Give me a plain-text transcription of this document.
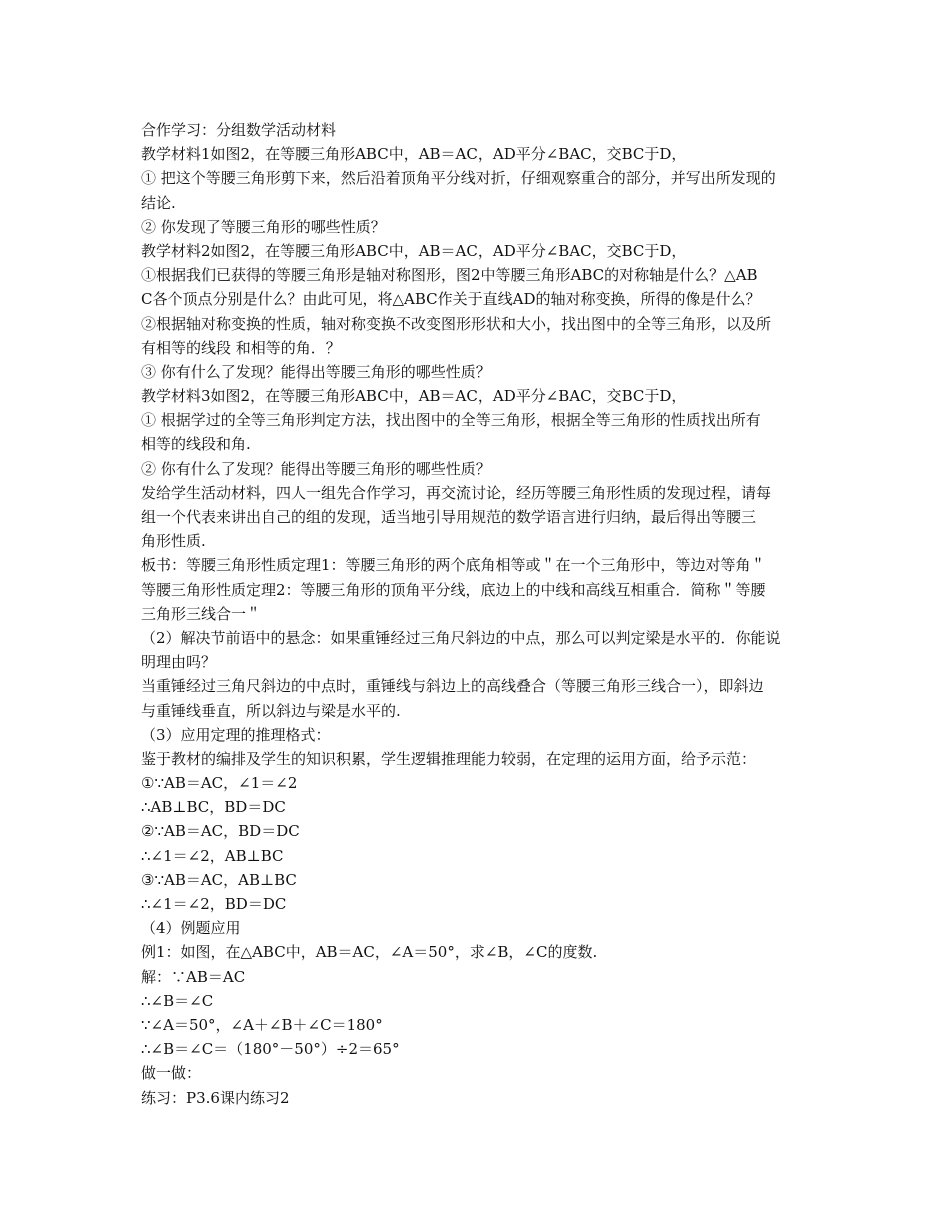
合作学习：分组数学活动材料
教学材料1如图2，在等腰三角形ABC中，AB＝AC，AD平分∠BAC，交BC于D，
① 把这个等腰三角形剪下来，然后沿着顶角平分线对折，仔细观察重合的部分，并写出所发现的
结论.
② 你发现了等腰三角形的哪些性质？
教学材料2如图2，在等腰三角形ABC中，AB＝AC，AD平分∠BAC，交BC于D，
①根据我们已获得的等腰三角形是轴对称图形，图2中等腰三角形ABC的对称轴是什么？△AB
C各个顶点分别是什么？由此可见，将△ABC作关于直线AD的轴对称变换，所得的像是什么？
②根据轴对称变换的性质，轴对称变换不改变图形形状和大小，找出图中的全等三角形，以及所
有相等的线段 和相等的角．？
③ 你有什么了发现？能得出等腰三角形的哪些性质？
教学材料3如图2，在等腰三角形ABC中，AB＝AC，AD平分∠BAC，交BC于D，
① 根据学过的全等三角形判定方法，找出图中的全等三角形，根据全等三角形的性质找出所有
相等的线段和角.
② 你有什么了发现？能得出等腰三角形的哪些性质？
发给学生活动材料，四人一组先合作学习，再交流讨论，经历等腰三角形性质的发现过程，请每
组一个代表来讲出自己的组的发现，适当地引导用规范的数学语言进行归纳，最后得出等腰三
角形性质.
板书：等腰三角形性质定理1：等腰三角形的两个底角相等或＂在一个三角形中，等边对等角＂
等腰三角形性质定理2：等腰三角形的顶角平分线，底边上的中线和高线互相重合．简称＂等腰
三角形三线合一＂
（2）解决节前语中的悬念：如果重锤经过三角尺斜边的中点，那么可以判定梁是水平的．你能说
明理由吗？
当重锤经过三角尺斜边的中点时，重锤线与斜边上的高线叠合（等腰三角形三线合一），即斜边
与重锤线垂直，所以斜边与梁是水平的.
（3）应用定理的推理格式：
鉴于教材的编排及学生的知识积累，学生逻辑推理能力较弱，在定理的运用方面，给予示范：
①∵AB＝AC，∠1＝∠2
∴AB⊥BC，BD＝DC
②∵AB＝AC，BD＝DC
∴∠1＝∠2，AB⊥BC
③∵AB＝AC，AB⊥BC
∴∠1＝∠2，BD＝DC
（4）例题应用
例1：如图，在△ABC中，AB＝AC，∠A＝50°，求∠B，∠C的度数.
解：∵AB＝AC
∴∠B＝∠C
∵∠A＝50°，∠A＋∠B＋∠C＝180°
∴∠B＝∠C＝（180°－50°）÷2＝65°
做一做：
练习：P3.6课内练习2
